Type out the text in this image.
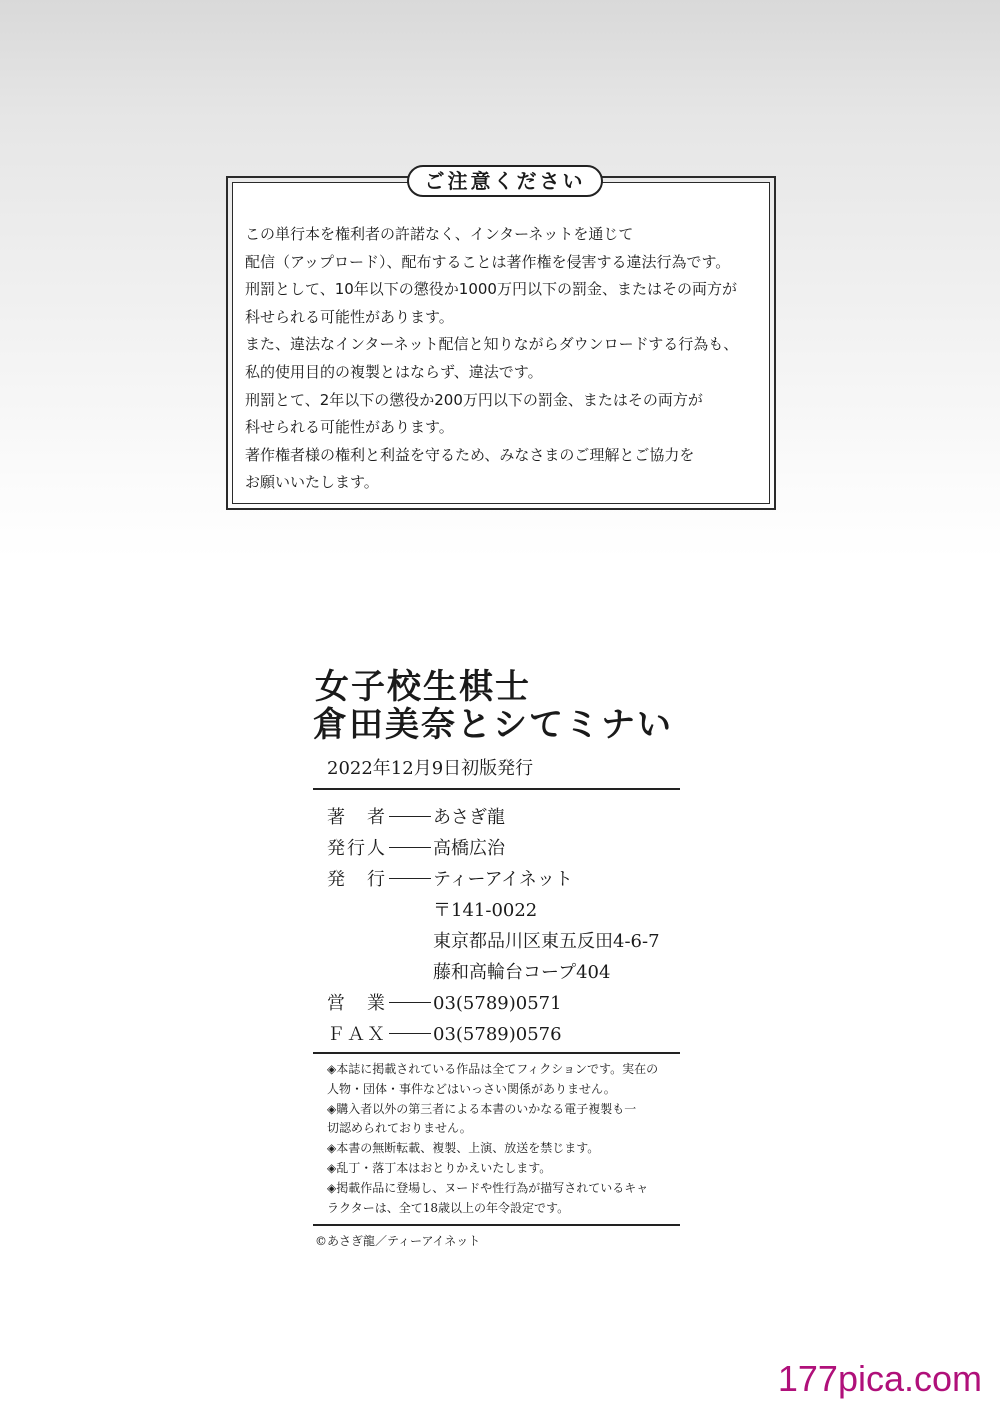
ご注意ください
この単行本を権利者の許諾なく、インターネットを通じて
配信（アップロード）、配布することは著作権を侵害する違法行為です。
刑罰として、10年以下の懲役か1000万円以下の罰金、またはその両方が
科せられる可能性があります。
また、違法なインターネット配信と知りながらダウンロードする行為も、
私的使用目的の複製とはならず、違法です。
刑罰とて、2年以下の懲役か200万円以下の罰金、またはその両方が
科せられる可能性があります。
著作権者様の権利と利益を守るため、みなさまのご理解とご協力を
お願いいたします。
女子校生棋士
倉田美奈とシてミナい
2022年12月9日初版発行
著　者	あさぎ龍
発行人	高橋広治
発　行	ティーアイネット
〒141-0022
東京都品川区東五反田4-6-7
藤和高輪台コープ404
営　業	03(5789)0571
ＦＡＸ	03(5789)0576
◈本誌に掲載されている作品は全てフィクションです。実在の
人物・団体・事件などはいっさい関係がありません。
◈購入者以外の第三者による本書のいかなる電子複製も一
切認められておりません。
◈本書の無断転載、複製、上演、放送を禁じます。
◈乱丁・落丁本はおとりかえいたします。
◈掲載作品に登場し、ヌードや性行為が描写されているキャ
ラクターは、全て18歳以上の年令設定です。
©あさぎ龍／ティーアイネット
177pica.com
